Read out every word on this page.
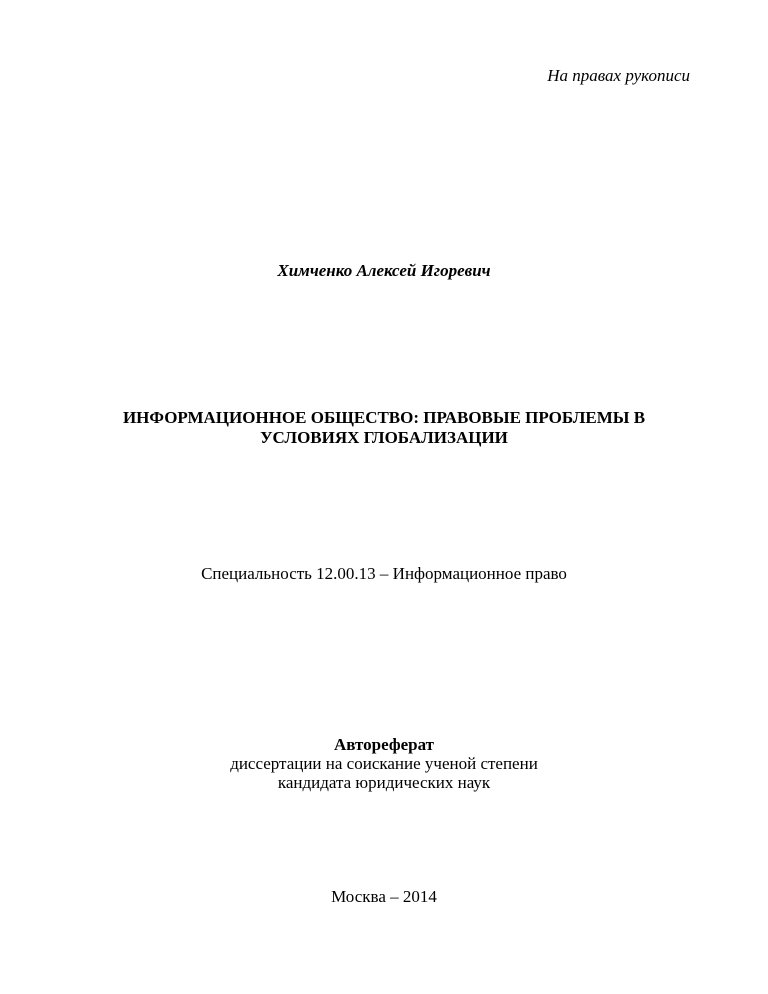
На правах рукописи
Химченко Алексей Игоревич
ИНФОРМАЦИОННОЕ ОБЩЕСТВО: ПРАВОВЫЕ ПРОБЛЕМЫ В
УСЛОВИЯХ ГЛОБАЛИЗАЦИИ
Специальность 12.00.13 – Информационное право
Автореферат
диссертации на соискание ученой степени
кандидата юридических наук
Москва – 2014
